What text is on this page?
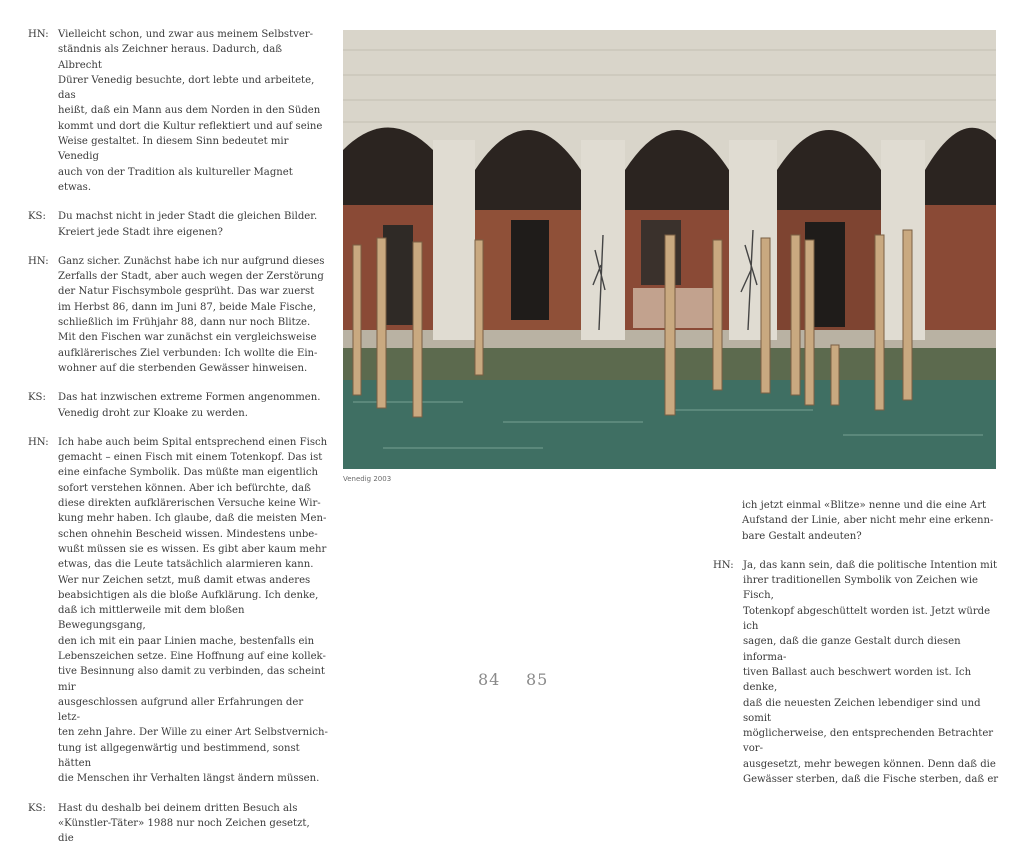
HN: Vielleicht schon, und zwar aus meinem Selbstver-
ständnis als Zeichner heraus. Dadurch, daß Albrecht
Dürer Venedig besuchte, dort lebte und arbeitete, das
heißt, daß ein Mann aus dem Norden in den Süden
kommt und dort die Kultur reflektiert und auf seine
Weise gestaltet. In diesem Sinn bedeutet mir Venedig
auch von der Tradition als kultureller Magnet etwas.
KS:	Du machst nicht in jeder Stadt die gleichen Bilder.
Kreiert jede Stadt ihre eigenen?
HN: Ganz sicher. Zunächst habe ich nur aufgrund dieses
Zerfalls der Stadt, aber auch wegen der Zerstörung
der Natur Fischsymbole gesprüht. Das war zuerst
im Herbst 86, dann im Juni 87, beide Male Fische,
schließlich im Frühjahr 88, dann nur noch Blitze.
Mit den Fischen war zunächst ein vergleichsweise
aufklärerisches Ziel verbunden: Ich wollte die Ein-
wohner auf die sterbenden Gewässer hinweisen.
KS:	Das hat inzwischen extreme Formen angenommen.
Venedig droht zur Kloake zu werden.
HN: Ich habe auch beim Spital entsprechend einen Fisch
gemacht – einen Fisch mit einem Totenkopf. Das ist
eine einfache Symbolik. Das müßte man eigentlich
sofort verstehen können. Aber ich befürchte, daß
diese direkten aufklärerischen Versuche keine Wir-
kung mehr haben. Ich glaube, daß die meisten Men-
schen ohnehin Bescheid wissen. Mindestens unbe-
wußt müssen sie es wissen. Es gibt aber kaum mehr
etwas, das die Leute tatsächlich alarmieren kann.
Wer nur Zeichen setzt, muß damit etwas anderes
beabsichtigen als die bloße Aufklärung. Ich denke,
daß ich mittlerweile mit dem bloßen Bewegungsgang,
den ich mit ein paar Linien mache, bestenfalls ein
Lebenszeichen setze. Eine Hoffnung auf eine kollek-
tive Besinnung also damit zu verbinden, das scheint mir
ausgeschlossen aufgrund aller Erfahrungen der letz-
ten zehn Jahre. Der Wille zu einer Art Selbstvernich-
tung ist allgegenwärtig und bestimmend, sonst hätten
die Menschen ihr Verhalten längst ändern müssen.
KS:	Hast du deshalb bei deinem dritten Besuch als
«Künstler-Täter» 1988 nur noch Zeichen gesetzt, die
Venedig 2003
ich jetzt einmal «Blitze» nenne und die eine Art
Aufstand der Linie, aber nicht mehr eine erkenn-
bare Gestalt andeuten?
HN: Ja, das kann sein, daß die politische Intention mit
ihrer traditionellen Symbolik von Zeichen wie Fisch,
Totenkopf abgeschüttelt worden ist. Jetzt würde ich
sagen, daß die ganze Gestalt durch diesen informa-
tiven Ballast auch beschwert worden ist. Ich denke,
daß die neuesten Zeichen lebendiger sind und somit
möglicherweise, den entsprechenden Betrachter vor-
ausgesetzt, mehr bewegen können. Denn daß die
Gewässer sterben, daß die Fische sterben, daß er
84 85
